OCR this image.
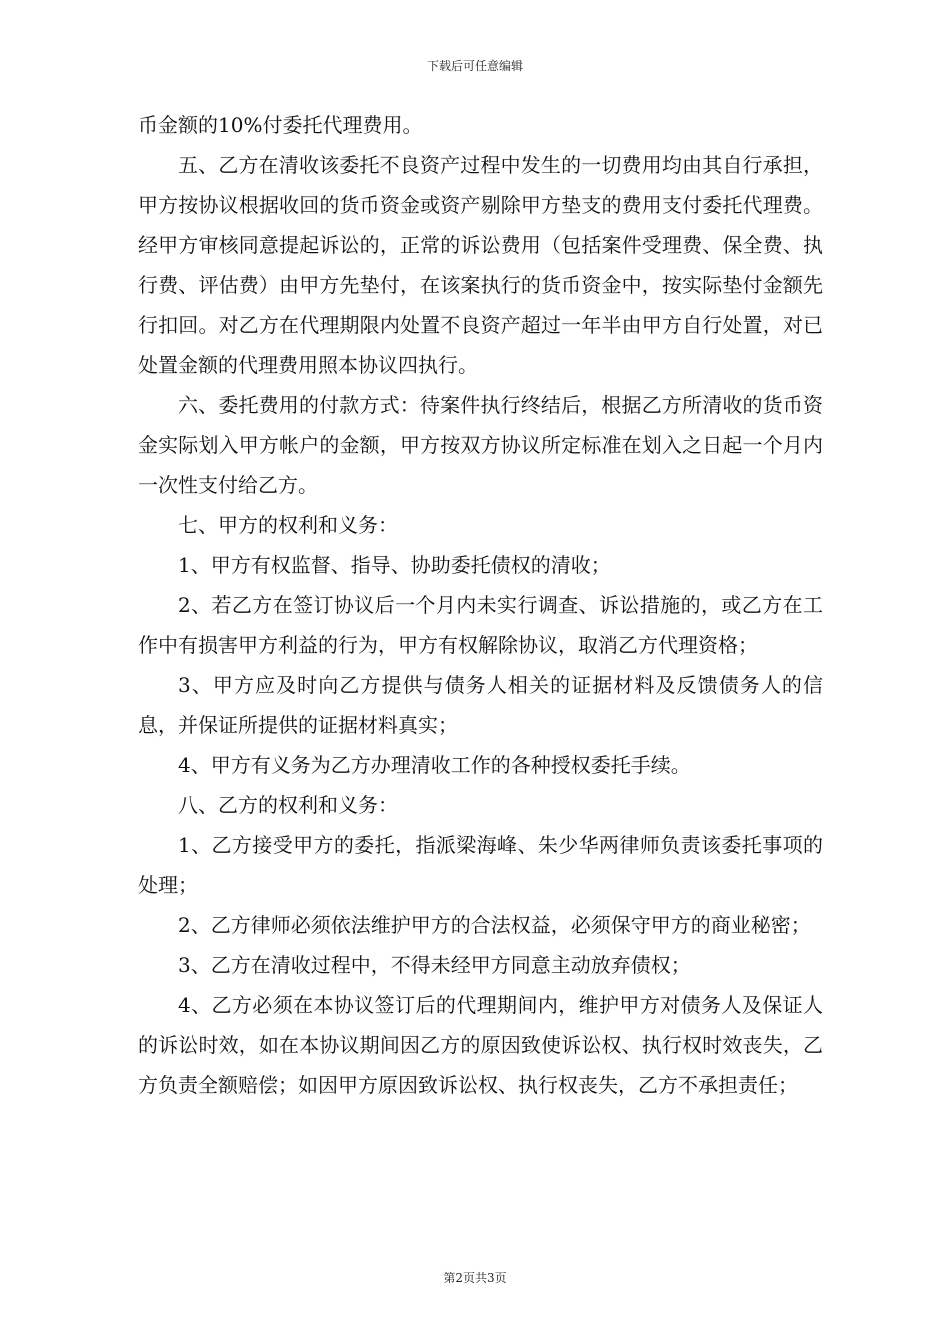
下载后可任意编辑

币金额的10%付委托代理费用。

五、乙方在清收该委托不良资产过程中发生的一切费用均由其自行承担，甲方按协议根据收回的货币资金或资产剔除甲方垫支的费用支付委托代理费。经甲方审核同意提起诉讼的，正常的诉讼费用（包括案件受理费、保全费、执行费、评估费）由甲方先垫付，在该案执行的货币资金中，按实际垫付金额先行扣回。对乙方在代理期限内处置不良资产超过一年半由甲方自行处置，对已处置金额的代理费用照本协议四执行。

六、委托费用的付款方式：待案件执行终结后，根据乙方所清收的货币资金实际划入甲方帐户的金额，甲方按双方协议所定标准在划入之日起一个月内一次性支付给乙方。

七、甲方的权利和义务：

1、甲方有权监督、指导、协助委托债权的清收；

2、若乙方在签订协议后一个月内未实行调查、诉讼措施的，或乙方在工作中有损害甲方利益的行为，甲方有权解除协议，取消乙方代理资格；

3、甲方应及时向乙方提供与债务人相关的证据材料及反馈债务人的信息，并保证所提供的证据材料真实；

4、甲方有义务为乙方办理清收工作的各种授权委托手续。

八、乙方的权利和义务：

1、乙方接受甲方的委托，指派梁海峰、朱少华两律师负责该委托事项的处理；

2、乙方律师必须依法维护甲方的合法权益，必须保守甲方的商业秘密；

3、乙方在清收过程中，不得未经甲方同意主动放弃债权；

4、乙方必须在本协议签订后的代理期间内，维护甲方对债务人及保证人的诉讼时效，如在本协议期间因乙方的原因致使诉讼权、执行权时效丧失，乙方负责全额赔偿；如因甲方原因致诉讼权、执行权丧失，乙方不承担责任；

第2页共3页
